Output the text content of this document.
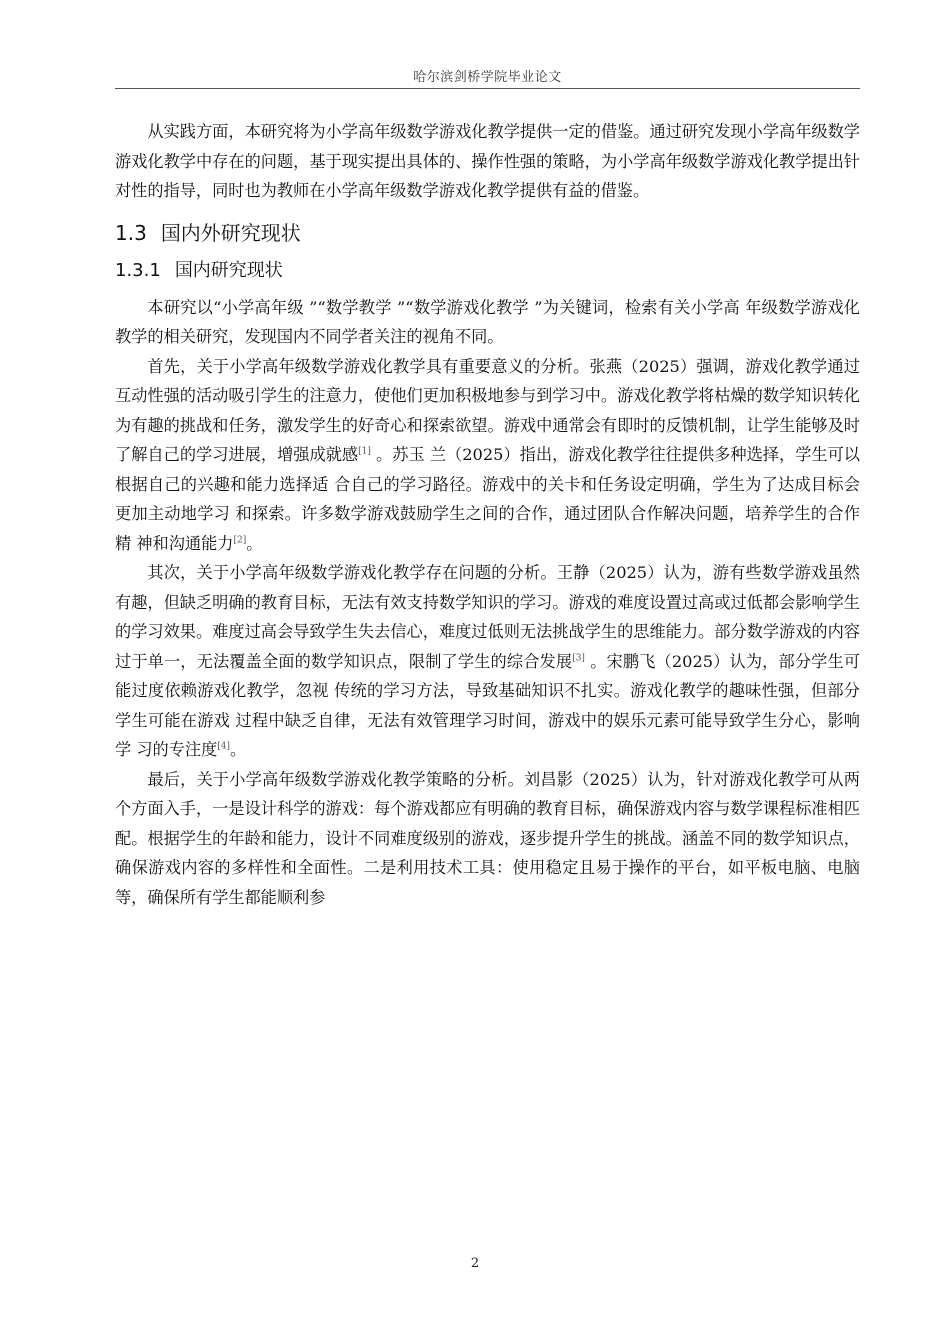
哈尔滨剑桥学院毕业论文

从实践方面，本研究将为小学高年级数学游戏化教学提供一定的借鉴。通过研究发现小学高年级数学游戏化教学中存在的问题，基于现实提出具体的、操作性强的策略，为小学高年级数学游戏化教学提出针对性的指导，同时也为教师在小学高年级数学游戏化教学提供有益的借鉴。

1.3 国内外研究现状
1.3.1 国内研究现状

本研究以“小学高年级 ”“数学教学 ”“数学游戏化教学 ”为关键词，检索有关小学高 年级数学游戏化教学的相关研究，发现国内不同学者关注的视角不同。

首先，关于小学高年级数学游戏化教学具有重要意义的分析。张燕（2025）强调，游戏化教学通过互动性强的活动吸引学生的注意力，使他们更加积极地参与到学习中。游戏化教学将枯燥的数学知识转化为有趣的挑战和任务，激发学生的好奇心和探索欲望。游戏中通常会有即时的反馈机制，让学生能够及时了解自己的学习进展，增强成就感[1] 。苏玉 兰（2025）指出，游戏化教学往往提供多种选择，学生可以根据自己的兴趣和能力选择适 合自己的学习路径。游戏中的关卡和任务设定明确，学生为了达成目标会更加主动地学习 和探索。许多数学游戏鼓励学生之间的合作，通过团队合作解决问题，培养学生的合作精 神和沟通能力[2]。

其次，关于小学高年级数学游戏化教学存在问题的分析。王静（2025）认为，游有些数学游戏虽然有趣，但缺乏明确的教育目标，无法有效支持数学知识的学习。游戏的难度设置过高或过低都会影响学生的学习效果。难度过高会导致学生失去信心，难度过低则无法挑战学生的思维能力。部分数学游戏的内容过于单一，无法覆盖全面的数学知识点，限制了学生的综合发展[3] 。宋鹏飞（2025）认为，部分学生可能过度依赖游戏化教学，忽视 传统的学习方法，导致基础知识不扎实。游戏化教学的趣味性强，但部分学生可能在游戏 过程中缺乏自律，无法有效管理学习时间，游戏中的娱乐元素可能导致学生分心，影响学 习的专注度[4]。

最后，关于小学高年级数学游戏化教学策略的分析。刘昌影（2025）认为，针对游戏化教学可从两个方面入手，一是设计科学的游戏：每个游戏都应有明确的教育目标，确保游戏内容与数学课程标准相匹配。根据学生的年龄和能力，设计不同难度级别的游戏，逐步提升学生的挑战。涵盖不同的数学知识点，确保游戏内容的多样性和全面性。二是利用技术工具：使用稳定且易于操作的平台，如平板电脑、电脑等，确保所有学生都能顺利参

2
